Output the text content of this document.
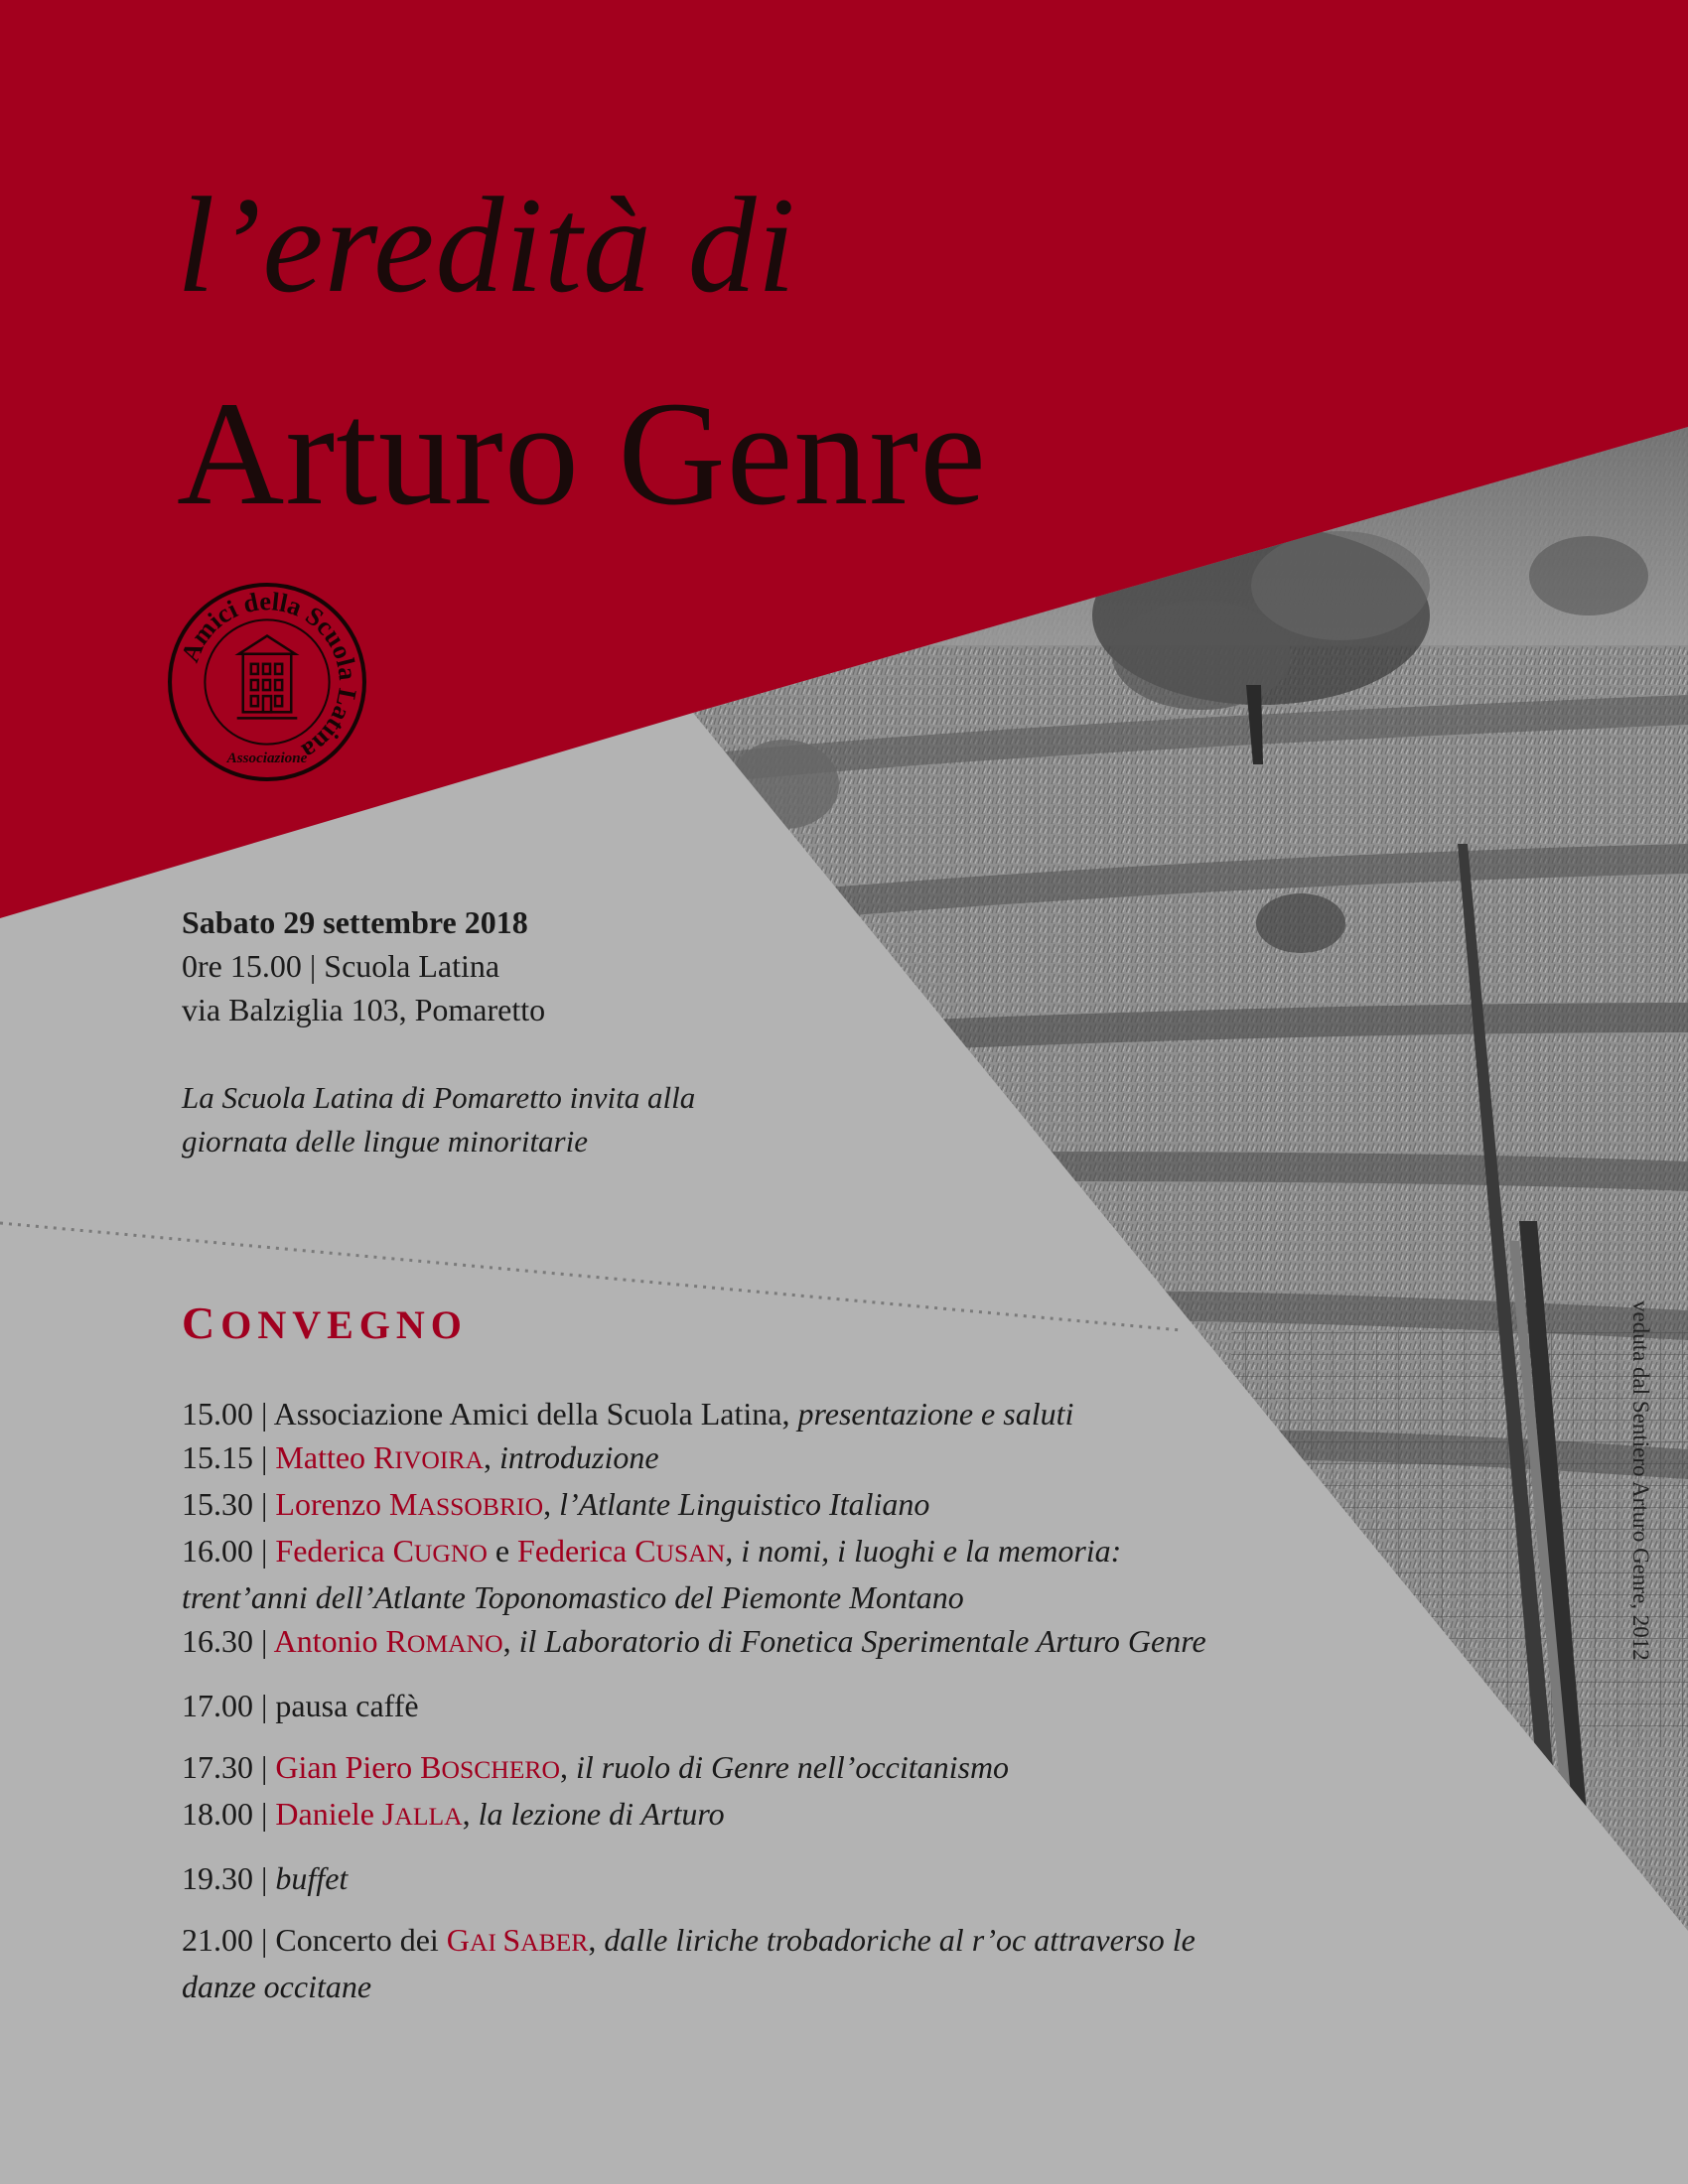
l’eredità di
Arturo Genre
Amici della Scuola Latina
Associazione
Sabato 29 settembre 2018
0re 15.00 | Scuola Latina
via Balziglia 103, Pomaretto
La Scuola Latina di Pomaretto invita alla giornata delle lingue minoritarie
CONVEGNO
15.00 | Associazione Amici della Scuola Latina, presentazione e saluti
15.15 | Matteo RIVOIRA, introduzione
15.30 | Lorenzo MASSOBRIO, l’Atlante Linguistico Italiano
16.00 | Federica CUGNO e Federica CUSAN, i nomi, i luoghi e la memoria: trent’anni dell’Atlante Toponomastico del Piemonte Montano
16.30 | Antonio ROMANO, il Laboratorio di Fonetica Sperimentale Arturo Genre
17.00 | pausa caffè
17.30 | Gian Piero BOSCHERO, il ruolo di Genre nell’occitanismo
18.00 | Daniele JALLA, la lezione di Arturo
19.30 | buffet
21.00 | Concerto dei GAI SABER, dalle liriche trobadoriche al r’oc attraverso le danze occitane
veduta dal Sentiero Arturo Genre, 2012
